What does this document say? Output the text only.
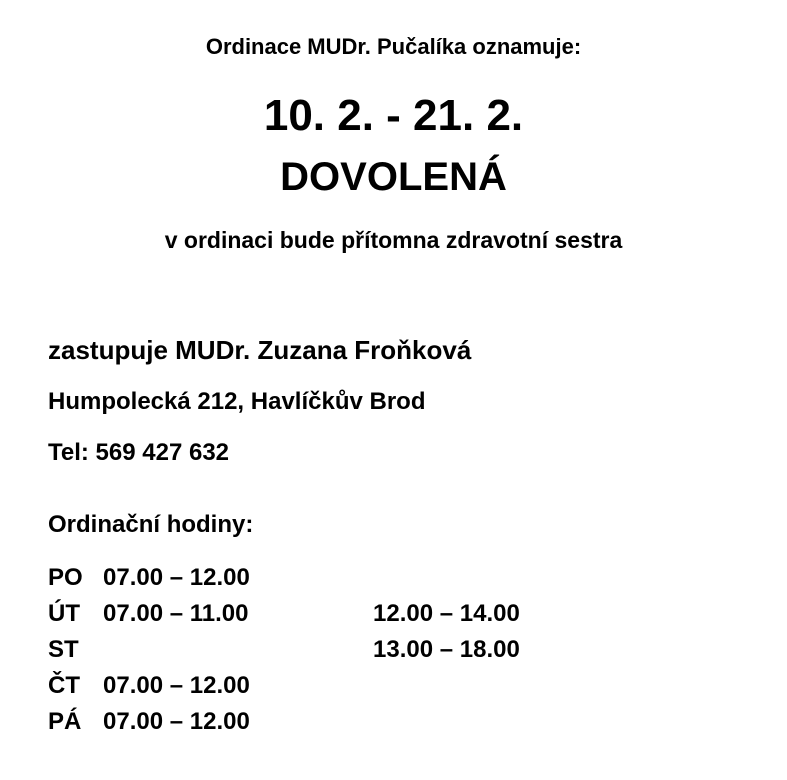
Ordinace MUDr. Pučalíka oznamuje:
10. 2. - 21. 2.
DOVOLENÁ
v ordinaci bude přítomna zdravotní sestra
zastupuje MUDr. Zuzana Froňková
Humpolecká 212, Havlíčkův Brod
Tel: 569 427 632
Ordinační hodiny:
PO 07.00 – 12.00
ÚT 07.00 – 11.00	12.00 – 14.00
ST	13.00 – 18.00
ČT 07.00 – 12.00
PÁ 07.00 – 12.00
